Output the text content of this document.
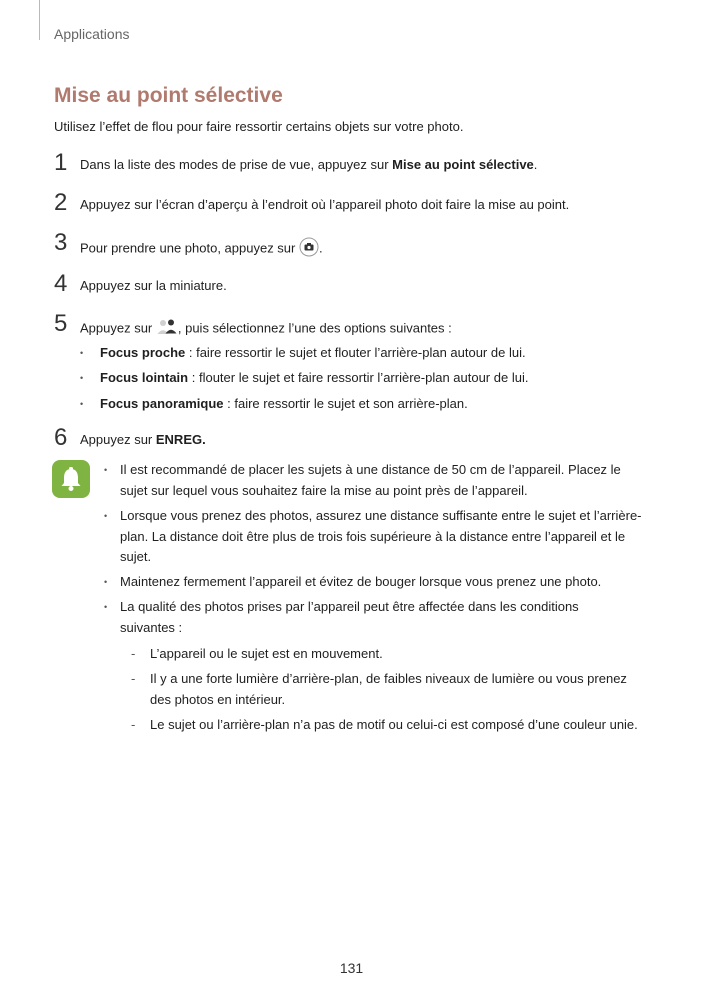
Applications
Mise au point sélective
Utilisez l’effet de flou pour faire ressortir certains objets sur votre photo.
1 Dans la liste des modes de prise de vue, appuyez sur Mise au point sélective.
2 Appuyez sur l’écran d’aperçu à l’endroit où l’appareil photo doit faire la mise au point.
3 Pour prendre une photo, appuyez sur .
4 Appuyez sur la miniature.
5 Appuyez sur , puis sélectionnez l’une des options suivantes :
Focus proche : faire ressortir le sujet et flouter l’arrière-plan autour de lui.
Focus lointain : flouter le sujet et faire ressortir l’arrière-plan autour de lui.
Focus panoramique : faire ressortir le sujet et son arrière-plan.
6 Appuyez sur ENREG.
• Il est recommandé de placer les sujets à une distance de 50 cm de l’appareil. Placez le
sujet sur lequel vous souhaitez faire la mise au point près de l’appareil.
• Lorsque vous prenez des photos, assurez une distance suffisante entre le sujet et l’arrière-
plan. La distance doit être plus de trois fois supérieure à la distance entre l’appareil et le
sujet.
• Maintenez fermement l’appareil et évitez de bouger lorsque vous prenez une photo.
• La qualité des photos prises par l’appareil peut être affectée dans les conditions
suivantes :
- L’appareil ou le sujet est en mouvement.
- Il y a une forte lumière d’arrière-plan, de faibles niveaux de lumière ou vous prenez
des photos en intérieur.
- Le sujet ou l’arrière-plan n’a pas de motif ou celui-ci est composé d’une couleur unie.
131
